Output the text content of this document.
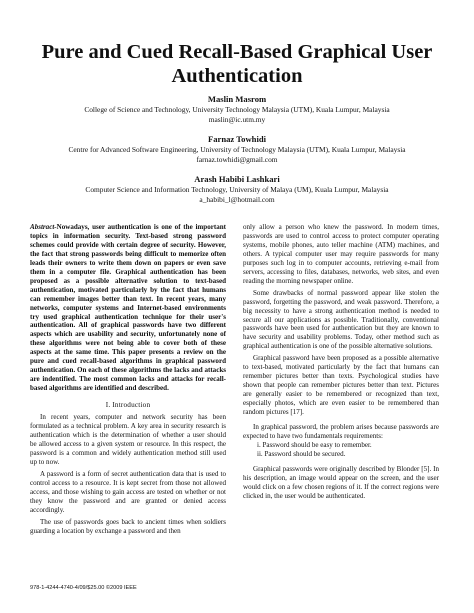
Pure and Cued Recall-Based Graphical User
Authentication
Maslin Masrom
College of Science and Technology, University Technology Malaysia (UTM), Kuala Lumpur, Malaysia
maslin@ic.utm.my
Farnaz Towhidi
Centre for Advanced Software Engineering, University of Technology Malaysia (UTM), Kuala Lumpur, Malaysia
farnaz.towhidi@gmail.com
Arash Habibi Lashkari
Computer Science and Information Technology, University of Malaya (UM), Kuala Lumpur, Malaysia
a_habibi_l@hotmail.com

Abstract-Nowadays, user authentication is one of the important topics in information security. Text-based strong password schemes could provide with certain degree of security. However, the fact that strong passwords being difficult to memorize often leads their owners to write them down on papers or even save them in a computer file. Graphical authentication has been proposed as a possible alternative solution to text-based authentication, motivated particularly by the fact that humans can remember images better than text. In recent years, many networks, computer systems and Internet-based environments try used graphical authentication technique for their user's authentication. All of graphical passwords have two different aspects which are usability and security, unfortunately none of these algorithms were not being able to cover both of these aspects at the same time. This paper presents a review on the pure and cued recall-based algorithms in graphical password authentication. On each of these algorithms the lacks and attacks are indentified. The most common lacks and attacks for recall-based algorithms are identified and described.

I. Introduction

In recent years, computer and network security has been formulated as a technical problem. A key area in security research is authentication which is the determination of whether a user should be allowed access to a given system or resource. In this respect, the password is a common and widely authentication method still used up to now.

A password is a form of secret authentication data that is used to control access to a resource. It is kept secret from those not allowed access, and those wishing to gain access are tested on whether or not they know the password and are granted or denied access accordingly.

The use of passwords goes back to ancient times when soldiers guarding a location by exchange a password and then

only allow a person who knew the password. In modern times, passwords are used to control access to protect computer operating systems, mobile phones, auto teller machine (ATM) machines, and others. A typical computer user may require passwords for many purposes such log in to computer accounts, retrieving e-mail from servers, accessing to files, databases, networks, web sites, and even reading the morning newspaper online.

Some drawbacks of normal password appear like stolen the password, forgetting the password, and weak password. Therefore, a big necessity to have a strong authentication method is needed to secure all our applications as possible. Traditionally, conventional passwords have been used for authentication but they are known to have security and usability problems. Today, other method such as graphical authentication is one of the possible alternative solutions.

Graphical password have been proposed as a possible alternative to text-based, motivated particularly by the fact that humans can remember pictures better than texts. Psychological studies have shown that people can remember pictures better than text. Pictures are generally easier to be remembered or recognized than text, especially photos, which are even easier to be remembered than random pictures [17].

In graphical password, the problem arises because passwords are expected to have two fundamentals requirements:

i. Password should be easy to remember.

ii. Password should be secured.

Graphical passwords were originally described by Blonder [5]. In his description, an image would appear on the screen, and the user would click on a few chosen regions of it. If the correct regions were clicked in, the user would be authenticated.

978-1-4244-4740-4/09/$25.00 ©2009 IEEE
